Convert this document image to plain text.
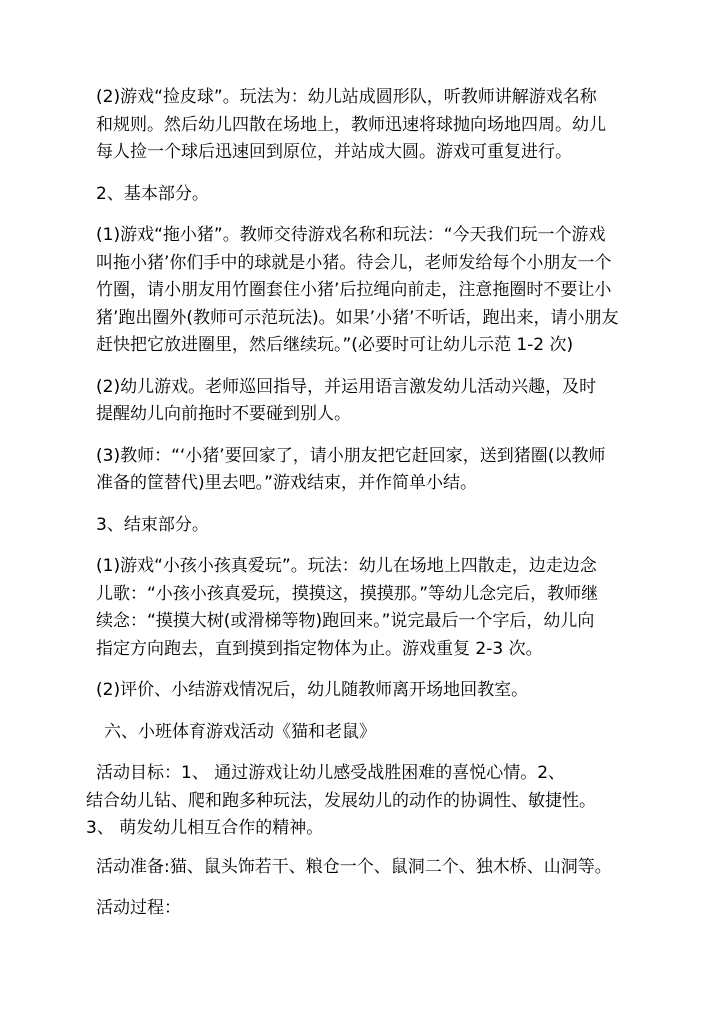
(2)游戏“捡皮球”。玩法为：幼儿站成圆形队，听教师讲解游戏名称
和规则。然后幼儿四散在场地上，教师迅速将球抛向场地四周。幼儿
每人捡一个球后迅速回到原位，并站成大圆。游戏可重复进行。
2、基本部分。
(1)游戏“拖小猪”。教师交待游戏名称和玩法：“今天我们玩一个游戏
叫拖小猪’你们手中的球就是小猪。待会儿，老师发给每个小朋友一个
竹圈，请小朋友用竹圈套住小猪’后拉绳向前走，注意拖圈时不要让小
猪’跑出圈外(教师可示范玩法)。如果’小猪’不听话，跑出来，请小朋友
赶快把它放进圈里，然后继续玩。”(必要时可让幼儿示范 1-2 次)
(2)幼儿游戏。老师巡回指导，并运用语言激发幼儿活动兴趣，及时
提醒幼儿向前拖时不要碰到别人。
(3)教师：“‘小猪’要回家了，请小朋友把它赶回家，送到猪圈(以教师
准备的筐替代)里去吧。”游戏结束，并作简单小结。
3、结束部分。
(1)游戏“小孩小孩真爱玩”。玩法：幼儿在场地上四散走，边走边念
儿歌：“小孩小孩真爱玩，摸摸这，摸摸那。”等幼儿念完后，教师继
续念：“摸摸大树(或滑梯等物)跑回来。”说完最后一个字后，幼儿向
指定方向跑去，直到摸到指定物体为止。游戏重复 2-3 次。
(2)评价、小结游戏情况后，幼儿随教师离开场地回教室。
六、小班体育游戏活动《猫和老鼠》
活动目标：1、 通过游戏让幼儿感受战胜困难的喜悦心情。2、
结合幼儿钻、爬和跑多种玩法，发展幼儿的动作的协调性、敏捷性。
3、 萌发幼儿相互合作的精神。
活动准备:猫、鼠头饰若干、粮仓一个、鼠洞二个、独木桥、山洞等。
活动过程：
